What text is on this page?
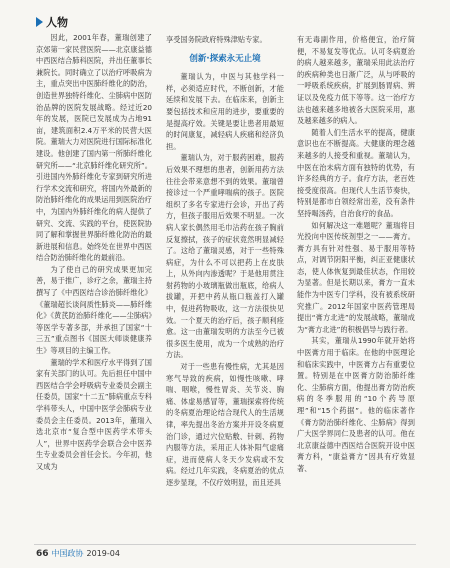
人物

因此，2001年春，董瑞创建了京郊第一家民营医院——北京康益德中西医结合肺科医院，并出任董事长兼院长。同时确立了以治疗呼吸病为主，重点突出中医肺纤维化的防治，创造世界独特纤维化、尘肺病中医防治品牌的医院发展战略。经过近20年的发展，医院已发展成为占地91亩，建筑面积2.4万平米的民营大医院。董瑞大力对医院进行国际标准化建设。他创建了国内第一所肺纤维化研究所——“北京肺纤维化研究所”。引进国内外肺纤维化专家到研究所进行学术交流和研究，将国内外最新的防治肺纤维化的成果运用到医院治疗中，为国内外肺纤维化的病人提供了研究、交流、实践的平台，使医院协同了解和掌握世界肺纤维化防治的最新进展和信息。始终处在世界中西医结合防治肺纤维化的最前沿。

为了使自己的研究成果更加完善，易于推广，诊疗之余，董瑞主持撰写了《中西医结合诊治肺纤维化》《董瑞超长谈间质性肺炎——肺纤维化》《黄芪防治肺纤维化——尘肺病》等医学专著多部，并承担了国家“十三五”重点图书《国医大师谈健康养生》等项目的主编工作。

董瑞的学术和医疗水平得到了国家有关部门的认可。先后担任中国中西医结合学会呼吸病专业委员会副主任委员，国家“十二五”肺病重点专科学科带头人，中国中医学会肺病专业委员会主任委员。2013年，董瑞入选北京市“复合型中医药学术带头人”，世界中医药学会联合会中医养生专业委员会首任会长。今年初，他又成为

享受国务院政府特殊津贴专家。

创新·探索永无止境

董瑞认为，中医与其他学科一样，必须适应时代，不断创新，才能延续和发展下去。在临床来，创新主要包括技术和应用的进步，要重要的是提高疗效。关键是要让患者用最短的时间康复，减轻病人疾痛和经济负担。

董瑞认为，对于服药困难，服药后效果不理想的患者，创新用药方法往往会带来意想不到的效果。董瑞曾接诊过一个严重哮喘病的孩子。医院组织了多名专家进行会诊，开出了药方，但孩子服用后效果不明显。一次病人家长偶然用毛巾沾药在孩子胸前反复擦拭，孩子的症状竟然明显减轻了。这给了董瑞灵感，对于一些特殊病症，为什么不可以把药上在皮肤上，从外向内渗透呢？于是他用贯注射药物的小玻璃瓶做出瓶底，给病人拔罐，开把中药从瓶口瓶盖打入罐中，促进药物吸收，这一方法很快见效。一个夏天的治疗后，孩子顺利痊愈。这一由董瑞发明的方法至今已被很多医生使用，成为一个成熟的治疗方法。

对于一些患有慢性病，尤其是因寒气导致的疾病，如慢性咳嗽、哮喘、咽喉，慢性胃炎、关节炎、胸痛、体虚易感冒等，董瑞探索将传统的冬病夏治理论结合现代人的生活规律，率先提出冬治方案并开设冬病夏治门诊，通过穴位贴敷、针刺、药物内服等方法，采用正人体补阳气虚痛症，进而使病人冬天少发病或不发病。经过几年实践，冬病夏治的优点逐步显现，不仅疗效明显，而且还具

有无毒副作用，价格便宜，治疗简便，不易复发等优点。认可冬病夏治的病人越来越多，董瑞采用此法治疗的疾病种类也日渐广泛，从与呼吸的一呼吸系统疾病，扩展到肠胃病、辨证以及免疫力低下等等。这一治疗方法也越来越多地被各大医院采用，惠及越来越多的病人。

随着人们生活水平的提高，健康意识也在不断提高。大健康的理念越来越多的人接受和重视。董瑞认为，中医在治未病方面有独特的优势，有许多经典的方子。食疗方法，老百姓接受度很高。但现代人生活节奏快，特别是都市白领经常出差，没有条件坚持喝汤药，自治食疗的食品。

如何解决这一难题呢？董瑞将目光投向中医传统剂型之一——膏方。膏方具有针对性强、易于服用等特点，对调节阴阳平衡，纠正亚健康状态，使人体恢复到最佳状态，作用较为显著。但是长期以来，膏方一直未能作为中医专门学科，没有被系统研究推广。2012年国家中医药管理局提出“膏方北进”的发展战略，董瑞成为“膏方北进”的积极倡导与践行者。

其实，董瑞从1990年就开始将中医膏方用于临床。在他的中医理论和临床实践中，中医膏方占有重要位置。特别是在中医膏方防治肺纤维化、尘肺病方面，他提出膏方防治疾病的冬季服用的“10个药导原理”和“15个药据”。他的临床著作《膏方防治肺纤维化、尘肺病》得到广大医学界同仁及患者的认可。他在北京康益德中西医结合医院开设中医膏方科，“康益膏方”因具有疗效显著、

66 中国政协 2019-04
